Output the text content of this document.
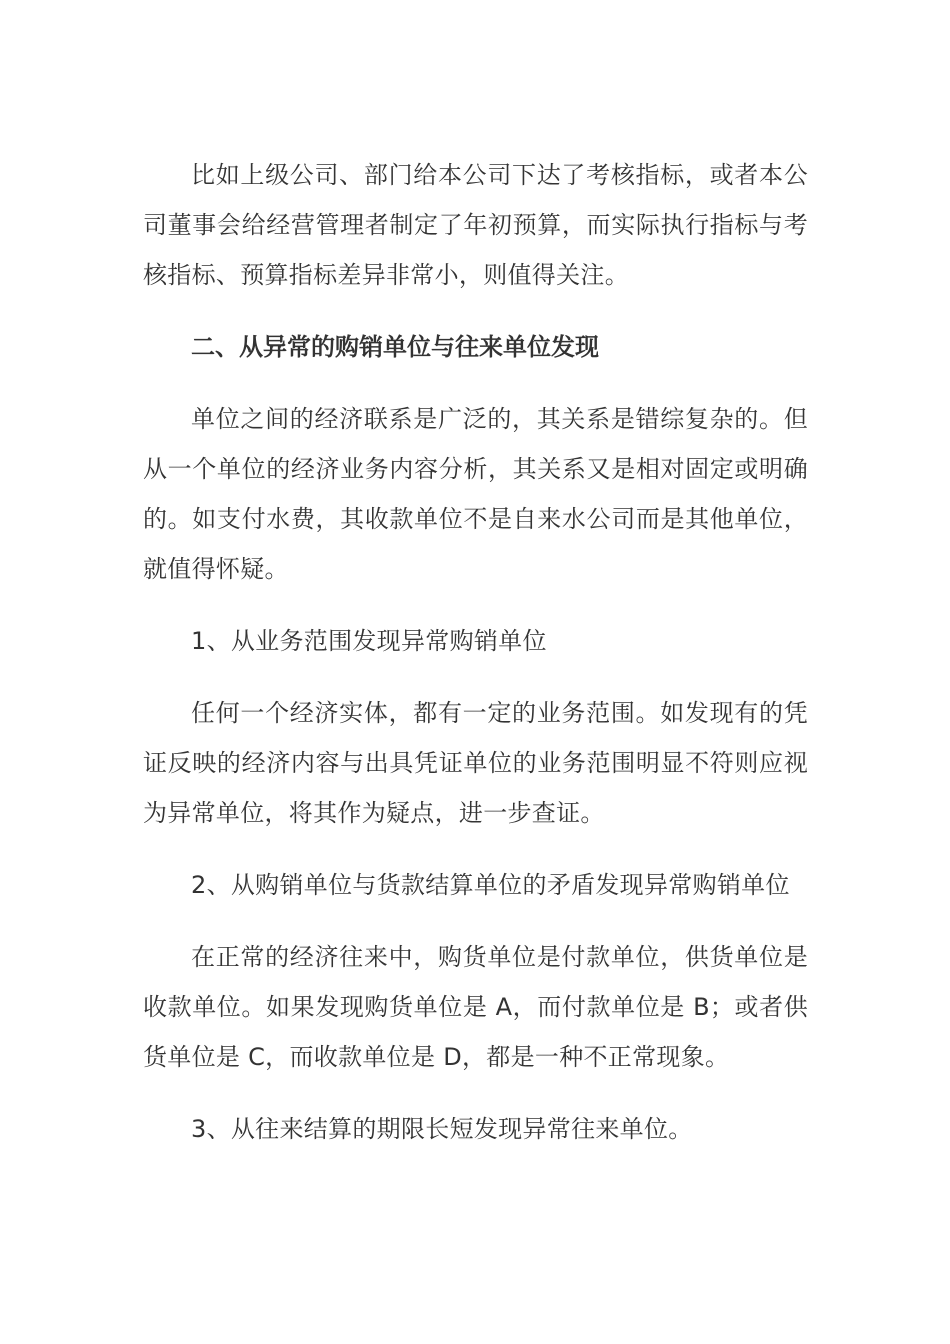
比如上级公司、部门给本公司下达了考核指标，或者本公司董事会给经营管理者制定了年初预算，而实际执行指标与考核指标、预算指标差异非常小，则值得关注。

二、从异常的购销单位与往来单位发现

单位之间的经济联系是广泛的，其关系是错综复杂的。但从一个单位的经济业务内容分析，其关系又是相对固定或明确的。如支付水费，其收款单位不是自来水公司而是其他单位，就值得怀疑。

1、从业务范围发现异常购销单位

任何一个经济实体，都有一定的业务范围。如发现有的凭证反映的经济内容与出具凭证单位的业务范围明显不符则应视为异常单位，将其作为疑点，进一步查证。

2、从购销单位与货款结算单位的矛盾发现异常购销单位

在正常的经济往来中，购货单位是付款单位，供货单位是收款单位。如果发现购货单位是 A，而付款单位是 B；或者供货单位是 C，而收款单位是 D，都是一种不正常现象。

3、从往来结算的期限长短发现异常往来单位。
